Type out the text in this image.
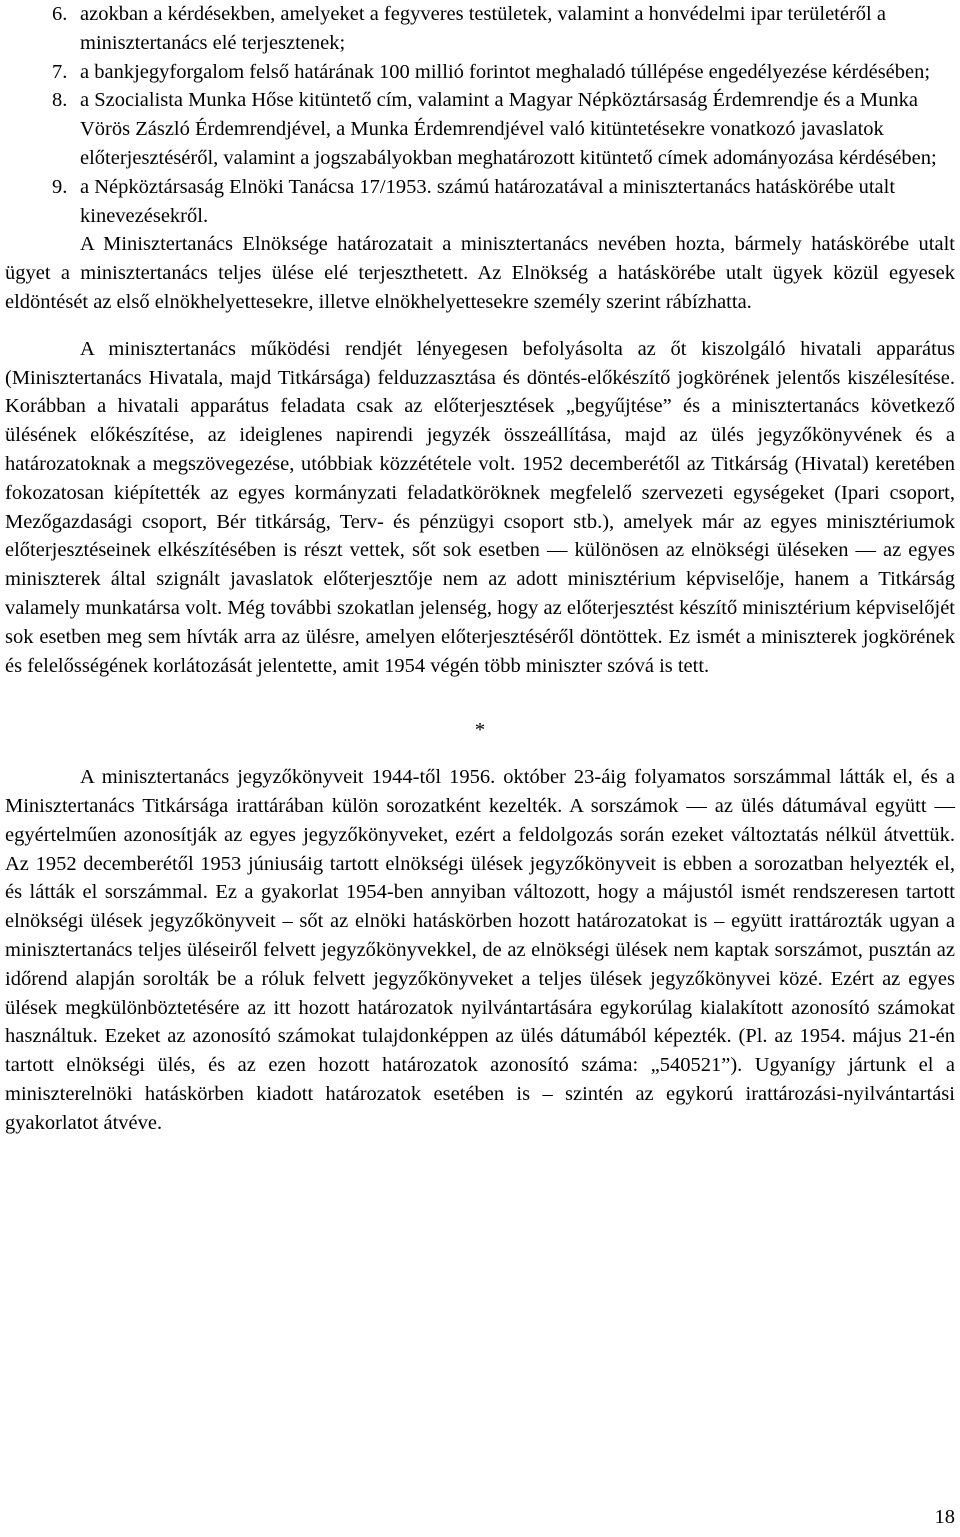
6. azokban a kérdésekben, amelyeket a fegyveres testületek, valamint a honvédelmi ipar területéről a minisztertanács elé terjesztenek;
7. a bankjegyforgalom felső határának 100 millió forintot meghaladó túllépése engedélyezése kérdésében;
8. a Szocialista Munka Hőse kitüntető cím, valamint a Magyar Népköztársaság Érdemrendje és a Munka Vörös Zászló Érdemrendjével, a Munka Érdemrendjével való kitüntetésekre vonatkozó javaslatok előterjesztéséről, valamint a jogszabályokban meghatározott kitüntető címek adományozása kérdésében;
9. a Népköztársaság Elnöki Tanácsa 17/1953. számú határozatával a minisztertanács hatáskörébe utalt kinevezésekről.

A Minisztertanács Elnöksége határozatait a minisztertanács nevében hozta, bármely hatáskörébe utalt ügyet a minisztertanács teljes ülése elé terjeszthetett. Az Elnökség a hatáskörébe utalt ügyek közül egyesek eldöntését az első elnökhelyettesekre, illetve elnökhelyettesekre személy szerint rábízhatta.

A minisztertanács működési rendjét lényegesen befolyásolta az őt kiszolgáló hivatali apparátus (Minisztertanács Hivatala, majd Titkársága) felduzzasztása és döntés-előkészítő jogkörének jelentős kiszélesítése. Korábban a hivatali apparátus feladata csak az előterjesztések „begyűjtése” és a minisztertanács következő ülésének előkészítése, az ideiglenes napirendi jegyzék összeállítása, majd az ülés jegyzőkönyvének és a határozatoknak a megszövegezése, utóbbiak közzététele volt. 1952 decemberétől az Titkárság (Hivatal) keretében fokozatosan kiépítették az egyes kormányzati feladatköröknek megfelelő szervezeti egységeket (Ipari csoport, Mezőgazdasági csoport, Bér titkárság, Terv- és pénzügyi csoport stb.), amelyek már az egyes minisztériumok előterjesztéseinek elkészítésében is részt vettek, sőt sok esetben — különösen az elnökségi üléseken — az egyes miniszterek által szignált javaslatok előterjesztője nem az adott minisztérium képviselője, hanem a Titkárság valamely munkatársa volt. Még további szokatlan jelenség, hogy az előterjesztést készítő minisztérium képviselőjét sok esetben meg sem hívták arra az ülésre, amelyen előterjesztéséről döntöttek. Ez ismét a miniszterek jogkörének és felelősségének korlátozását jelentette, amit 1954 végén több miniszter szóvá is tett.

*

A minisztertanács jegyzőkönyveit 1944-től 1956. október 23-áig folyamatos sorszámmal látták el, és a Minisztertanács Titkársága irattárában külön sorozatként kezelték. A sorszámok — az ülés dátumával együtt — egyértelműen azonosítják az egyes jegyzőkönyveket, ezért a feldolgozás során ezeket változtatás nélkül átvettük. Az 1952 decemberétől 1953 júniusáig tartott elnökségi ülések jegyzőkönyveit is ebben a sorozatban helyezték el, és látták el sorszámmal. Ez a gyakorlat 1954-ben annyiban változott, hogy a májustól ismét rendszeresen tartott elnökségi ülések jegyzőkönyveit – sőt az elnöki hatáskörben hozott határozatokat is – együtt irattározták ugyan a minisztertanács teljes üléseiről felvett jegyzőkönyvekkel, de az elnökségi ülések nem kaptak sorszámot, pusztán az időrend alapján sorolták be a róluk felvett jegyzőkönyveket a teljes ülések jegyzőkönyvei közé. Ezért az egyes ülések megkülönböztetésére az itt hozott határozatok nyilvántartására egykorúlag kialakított azonosító számokat használtuk. Ezeket az azonosító számokat tulajdonképpen az ülés dátumából képezték. (Pl. az 1954. május 21-én tartott elnökségi ülés, és az ezen hozott határozatok azonosító száma: „540521”). Ugyanígy jártunk el a miniszterelnöki hatáskörben kiadott határozatok esetében is – szintén az egykorú irattározási-nyilvántartási gyakorlatot átvéve.

18
